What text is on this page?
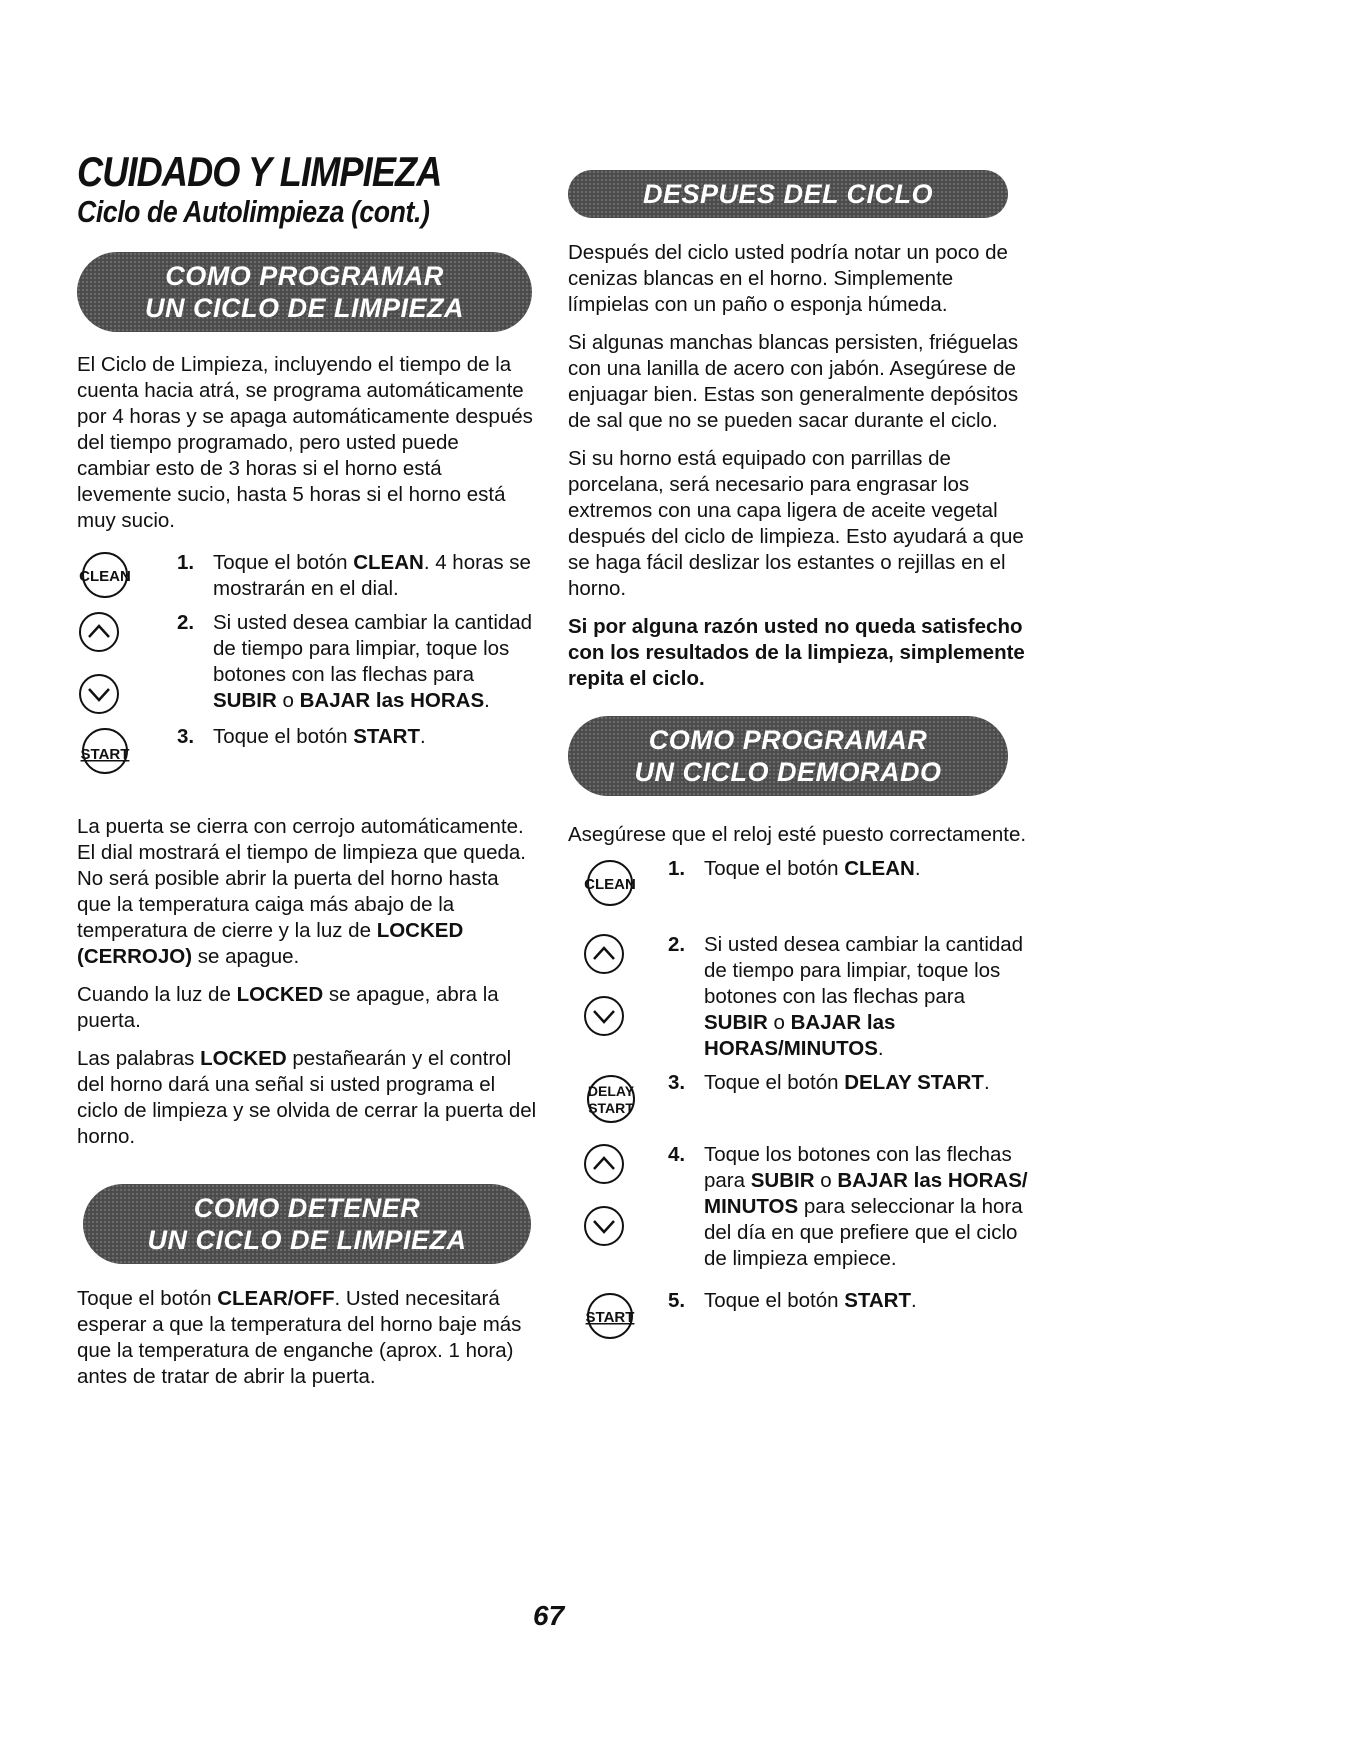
CUIDADO Y LIMPIEZA
Ciclo de Autolimpieza (cont.)
COMO PROGRAMAR
UN CICLO DE LIMPIEZA

El Ciclo de Limpieza, incluyendo el tiempo de la cuenta hacia atrá, se programa automáticamente por 4 horas y se apaga automáticamente después del tiempo programado, pero usted puede cambiar esto de 3 horas si el horno está levemente sucio, hasta 5 horas si el horno está muy sucio.

CLEAN
1. Toque el botón CLEAN. 4 horas se mostrarán en el dial.
2. Si usted desea cambiar la cantidad de tiempo para limpiar, toque los botones con las flechas para SUBIR o BAJAR las HORAS.
START
3. Toque el botón START.

La puerta se cierra con cerrojo automáticamente. El dial mostrará el tiempo de limpieza que queda. No será posible abrir la puerta del horno hasta que la temperatura caiga más abajo de la temperatura de cierre y la luz de LOCKED (CERROJO) se apague.

Cuando la luz de LOCKED se apague, abra la puerta.

Las palabras LOCKED pestañearán y el control del horno dará una señal si usted programa el ciclo de limpieza y se olvida de cerrar la puerta del horno.

COMO DETENER
UN CICLO DE LIMPIEZA

Toque el botón CLEAR/OFF. Usted necesitará esperar a que la temperatura del horno baje más que la temperatura de enganche (aprox. 1 hora) antes de tratar de abrir la puerta.

DESPUES DEL CICLO

Después del ciclo usted podría notar un poco de cenizas blancas en el horno. Simplemente límpielas con un paño o esponja húmeda.

Si algunas manchas blancas persisten, friéguelas con una lanilla de acero con jabón. Asegúrese de enjuagar bien. Estas son generalmente depósitos de sal que no se pueden sacar durante el ciclo.

Si su horno está equipado con parrillas de porcelana, será necesario para engrasar los extremos con una capa ligera de aceite vegetal después del ciclo de limpieza. Esto ayudará a que se haga fácil deslizar los estantes o rejillas en el horno.

Si por alguna razón usted no queda satisfecho con los resultados de la limpieza, simplemente repita el ciclo.

COMO PROGRAMAR
UN CICLO DEMORADO

Asegúrese que el reloj esté puesto correctamente.

CLEAN
1. Toque el botón CLEAN.
2. Si usted desea cambiar la cantidad de tiempo para limpiar, toque los botones con las flechas para SUBIR o BAJAR las HORAS/MINUTOS.
DELAY
START
3. Toque el botón DELAY START.
4. Toque los botones con las flechas para SUBIR o BAJAR las HORAS/ MINUTOS para seleccionar la hora del día en que prefiere que el ciclo de limpieza empiece.
START
5. Toque el botón START.
67
